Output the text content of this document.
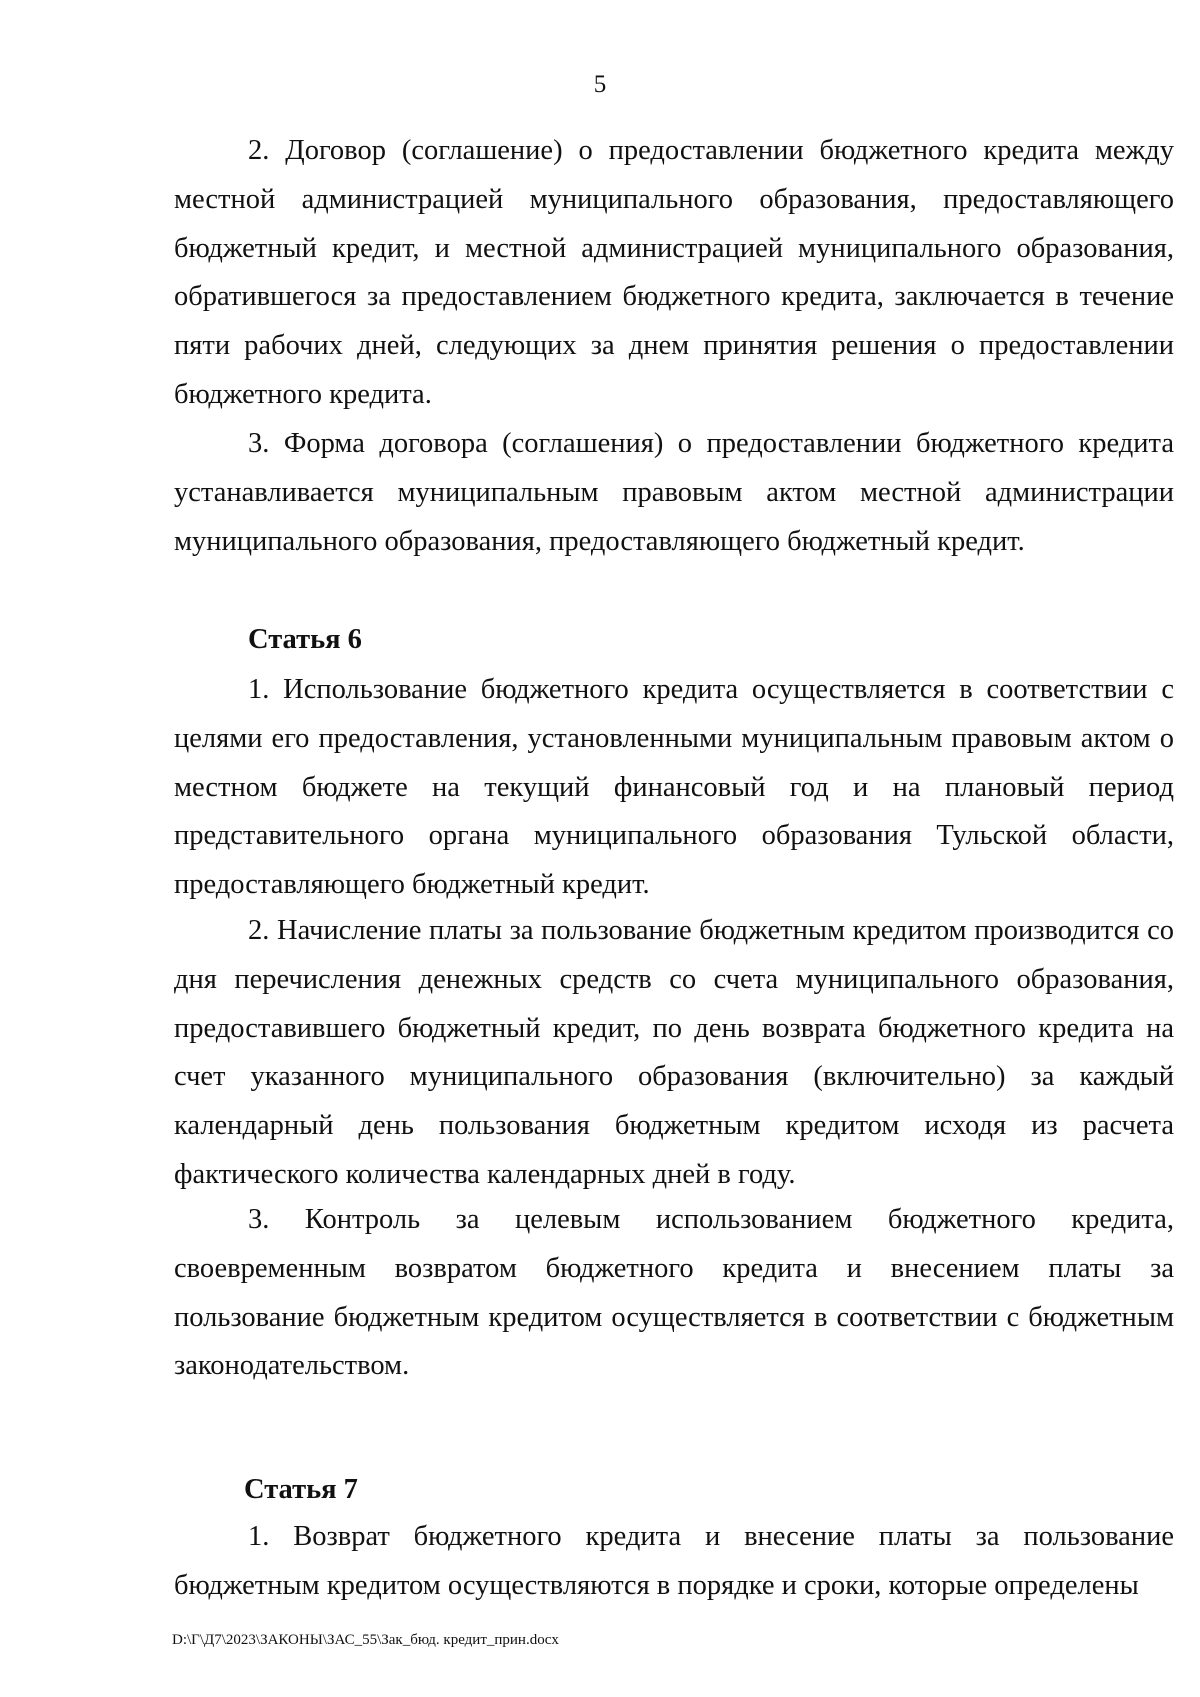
5

2. Договор (соглашение) о предоставлении бюджетного кредита между местной администрацией муниципального образования, предоставляющего бюджетный кредит, и местной администрацией муниципального образования, обратившегося за предоставлением бюджетного кредита, заключается в течение пяти рабочих дней, следующих за днем принятия решения о предоставлении бюджетного кредита.

3. Форма договора (соглашения) о предоставлении бюджетного кредита устанавливается муниципальным правовым актом местной администрации муниципального образования, предоставляющего бюджетный кредит.

Статья 6

1. Использование бюджетного кредита осуществляется в соответствии с целями его предоставления, установленными муниципальным правовым актом о местном бюджете на текущий финансовый год и на плановый период представительного органа муниципального образования Тульской области, предоставляющего бюджетный кредит.

2. Начисление платы за пользование бюджетным кредитом производится со дня перечисления денежных средств со счета муниципального образования, предоставившего бюджетный кредит, по день возврата бюджетного кредита на счет указанного муниципального образования (включительно) за каждый календарный день пользования бюджетным кредитом исходя из расчета фактического количества календарных дней в году.

3. Контроль за целевым использованием бюджетного кредита, своевременным возвратом бюджетного кредита и внесением платы за пользование бюджетным кредитом осуществляется в соответствии с бюджетным законодательством.

Статья 7

1. Возврат бюджетного кредита и внесение платы за пользование бюджетным кредитом осуществляются в порядке и сроки, которые определены

D:\Г\Д7\2023\ЗАКОНЫ\ЗАС_55\Зак_бюд. кредит_прин.docx
